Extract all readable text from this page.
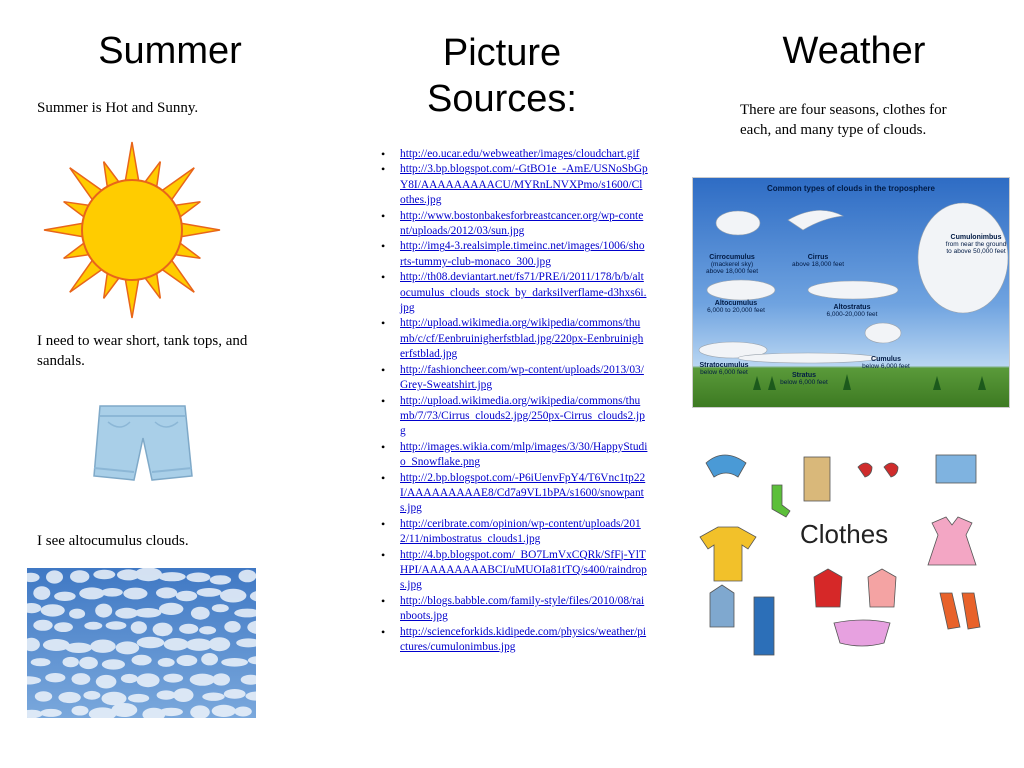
Summer
Summer is Hot and Sunny.
I need to wear short, tank tops, and sandals.
I see altocumulus clouds.
Picture
Sources:
• http://eo.ucar.edu/webweather/images/cloudchart.gif
• http://3.bp.blogspot.com/-GtBO1e_-AmE/USNoSbGpY8I/AAAAAAAAACU/MYRnLNVXPmo/s1600/Clothes.jpg
• http://www.bostonbakesforbreastcancer.org/wp-content/uploads/2012/03/sun.jpg
• http://img4-3.realsimple.timeinc.net/images/1006/shorts-tummy-club-monaco_300.jpg
• http://th08.deviantart.net/fs71/PRE/i/2011/178/b/b/altocumulus_clouds_stock_by_darksilverflame-d3hxs6i.jpg
• http://upload.wikimedia.org/wikipedia/commons/thumb/c/cf/Eenbruinigherfstblad.jpg/220px-Eenbruinigherfstblad.jpg
• http://fashioncheer.com/wp-content/uploads/2013/03/Grey-Sweatshirt.jpg
• http://upload.wikimedia.org/wikipedia/commons/thumb/7/73/Cirrus_clouds2.jpg/250px-Cirrus_clouds2.jpg
• http://images.wikia.com/mlp/images/3/30/HappyStudio_Snowflake.png
• http://2.bp.blogspot.com/-P6iUenvFpY4/T6Vnc1tp22I/AAAAAAAAAE8/Cd7a9VL1bPA/s1600/snowpants.jpg
• http://ceribrate.com/opinion/wp-content/uploads/2012/11/nimbostratus_clouds1.jpg
• http://4.bp.blogspot.com/_BO7LmVxCQRk/SfFj-YlTHPI/AAAAAAAABCI/uMUOIa81tTQ/s400/raindrops.jpg
• http://blogs.babble.com/family-style/files/2010/08/rainboots.jpg
• http://scienceforkids.kidipede.com/physics/weather/pictures/cumulonimbus.jpg
Weather
There are four seasons, clothes for each, and many type of clouds.
Common types of clouds in the troposphere
Cirrocumulus
(mackerel sky) above 18,000 feet
Cirrus
above 18,000 feet
Cumulonimbus
from near the ground to above 50,000 feet
Altocumulus
6,000 to 20,000 feet	Altostratus
6,000-20,000 feet
Stratocumulus
below 6,000 feet
Cumulus
below 6,000 feet
Stratus
below 6,000 feet
Clothes
